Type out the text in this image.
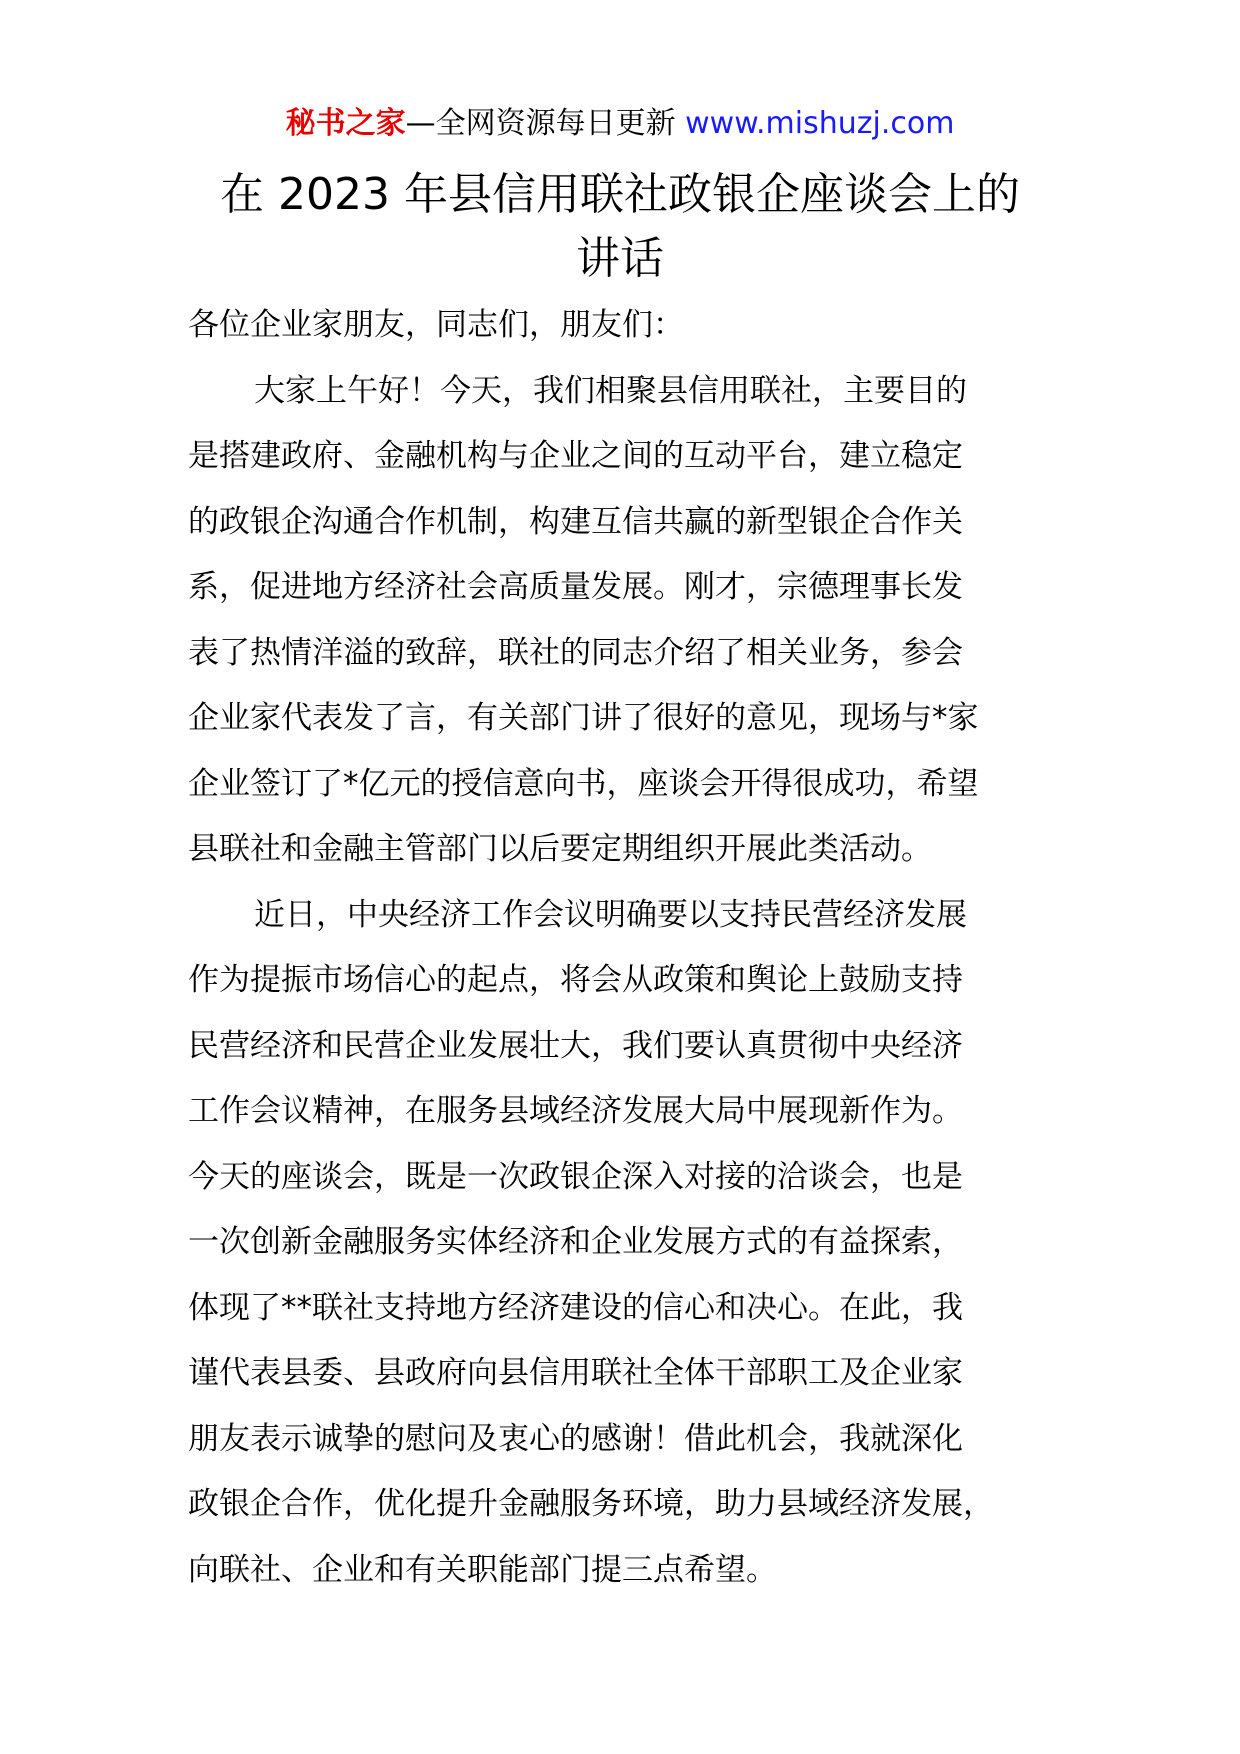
秘书之家—全网资源每日更新 www.mishuzj.com
在 2023 年县信用联社政银企座谈会上的
讲话
各位企业家朋友，同志们，朋友们：
大家上午好！今天，我们相聚县信用联社，主要目的
是搭建政府、金融机构与企业之间的互动平台，建立稳定
的政银企沟通合作机制，构建互信共赢的新型银企合作关
系，促进地方经济社会高质量发展。刚才，宗德理事长发
表了热情洋溢的致辞，联社的同志介绍了相关业务，参会
企业家代表发了言，有关部门讲了很好的意见，现场与*家
企业签订了*亿元的授信意向书，座谈会开得很成功，希望
县联社和金融主管部门以后要定期组织开展此类活动。
近日，中央经济工作会议明确要以支持民营经济发展
作为提振市场信心的起点，将会从政策和舆论上鼓励支持
民营经济和民营企业发展壮大，我们要认真贯彻中央经济
工作会议精神，在服务县域经济发展大局中展现新作为。
今天的座谈会，既是一次政银企深入对接的洽谈会，也是
一次创新金融服务实体经济和企业发展方式的有益探索，
体现了**联社支持地方经济建设的信心和决心。在此，我
谨代表县委、县政府向县信用联社全体干部职工及企业家
朋友表示诚挚的慰问及衷心的感谢！借此机会，我就深化
政银企合作，优化提升金融服务环境，助力县域经济发展，
向联社、企业和有关职能部门提三点希望。
